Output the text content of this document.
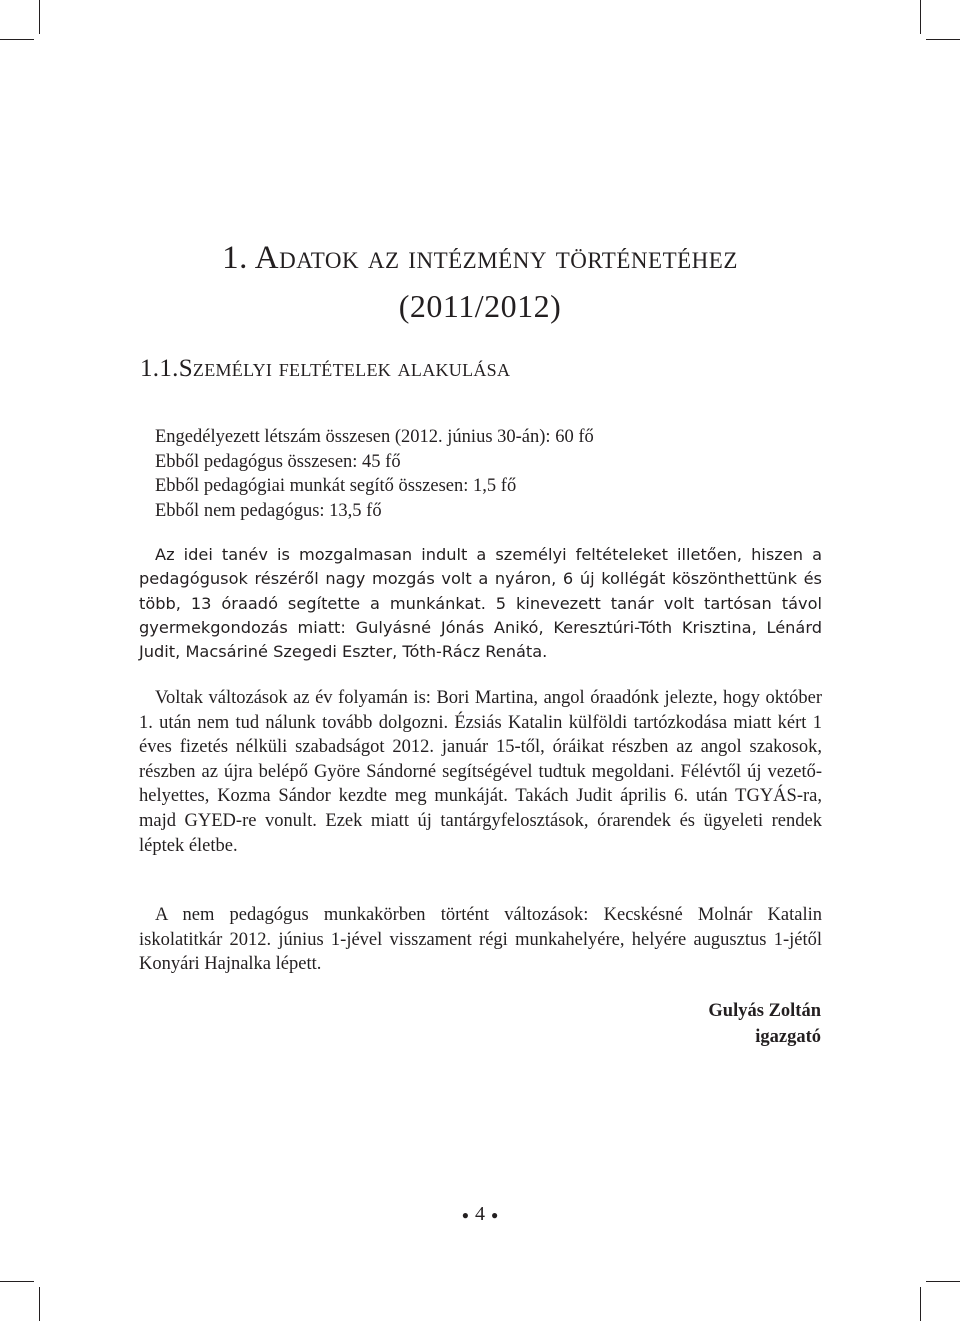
1. Adatok az intézmény történetéhez
(2011/2012)
1.1.Személyi feltételek alakulása
Engedélyezett létszám összesen (2012. június 30-án): 60 fő
Ebből pedagógus összesen: 45 fő
Ebből pedagógiai munkát segítő összesen: 1,5 fő
Ebből nem pedagógus: 13,5 fő

Az idei tanév is mozgalmasan indult a személyi feltételeket illetően, hiszen a pedagógusok részéről nagy mozgás volt a nyáron, 6 új kollégát köszönthettünk és több, 13 óraadó segítette a munkánkat. 5 kinevezett tanár volt tartósan távol gyermekgondozás miatt: Gulyásné Jónás Anikó, Keresztúri-Tóth Krisztina, Lénárd Judit, Macsáriné Szegedi Eszter, Tóth-Rácz Renáta.

Voltak változások az év folyamán is: Bori Martina, angol óraadónk jelezte, hogy október 1. után nem tud nálunk tovább dolgozni. Ézsiás Katalin külföldi tartózkodása miatt kért 1 éves fizetés nélküli szabadságot 2012. január 15-től, óráikat részben az angol szakosok, részben az újra belépő Györe Sándorné segítségével tudtuk megoldani. Félévtől új vezető-helyettes, Kozma Sándor kezdte meg munkáját. Takách Judit április 6. után TGYÁS-ra, majd GYED-re vonult. Ezek miatt új tantárgyfelosztások, órarendek és ügyeleti rendek léptek életbe.

A nem pedagógus munkakörben történt változások: Kecskésné Molnár Katalin iskolatitkár 2012. június 1-jével visszament régi munkahelyére, helyére augusztus 1-jétől Konyári Hajnalka lépett.

Gulyás Zoltán
igazgató
● 4 ●
